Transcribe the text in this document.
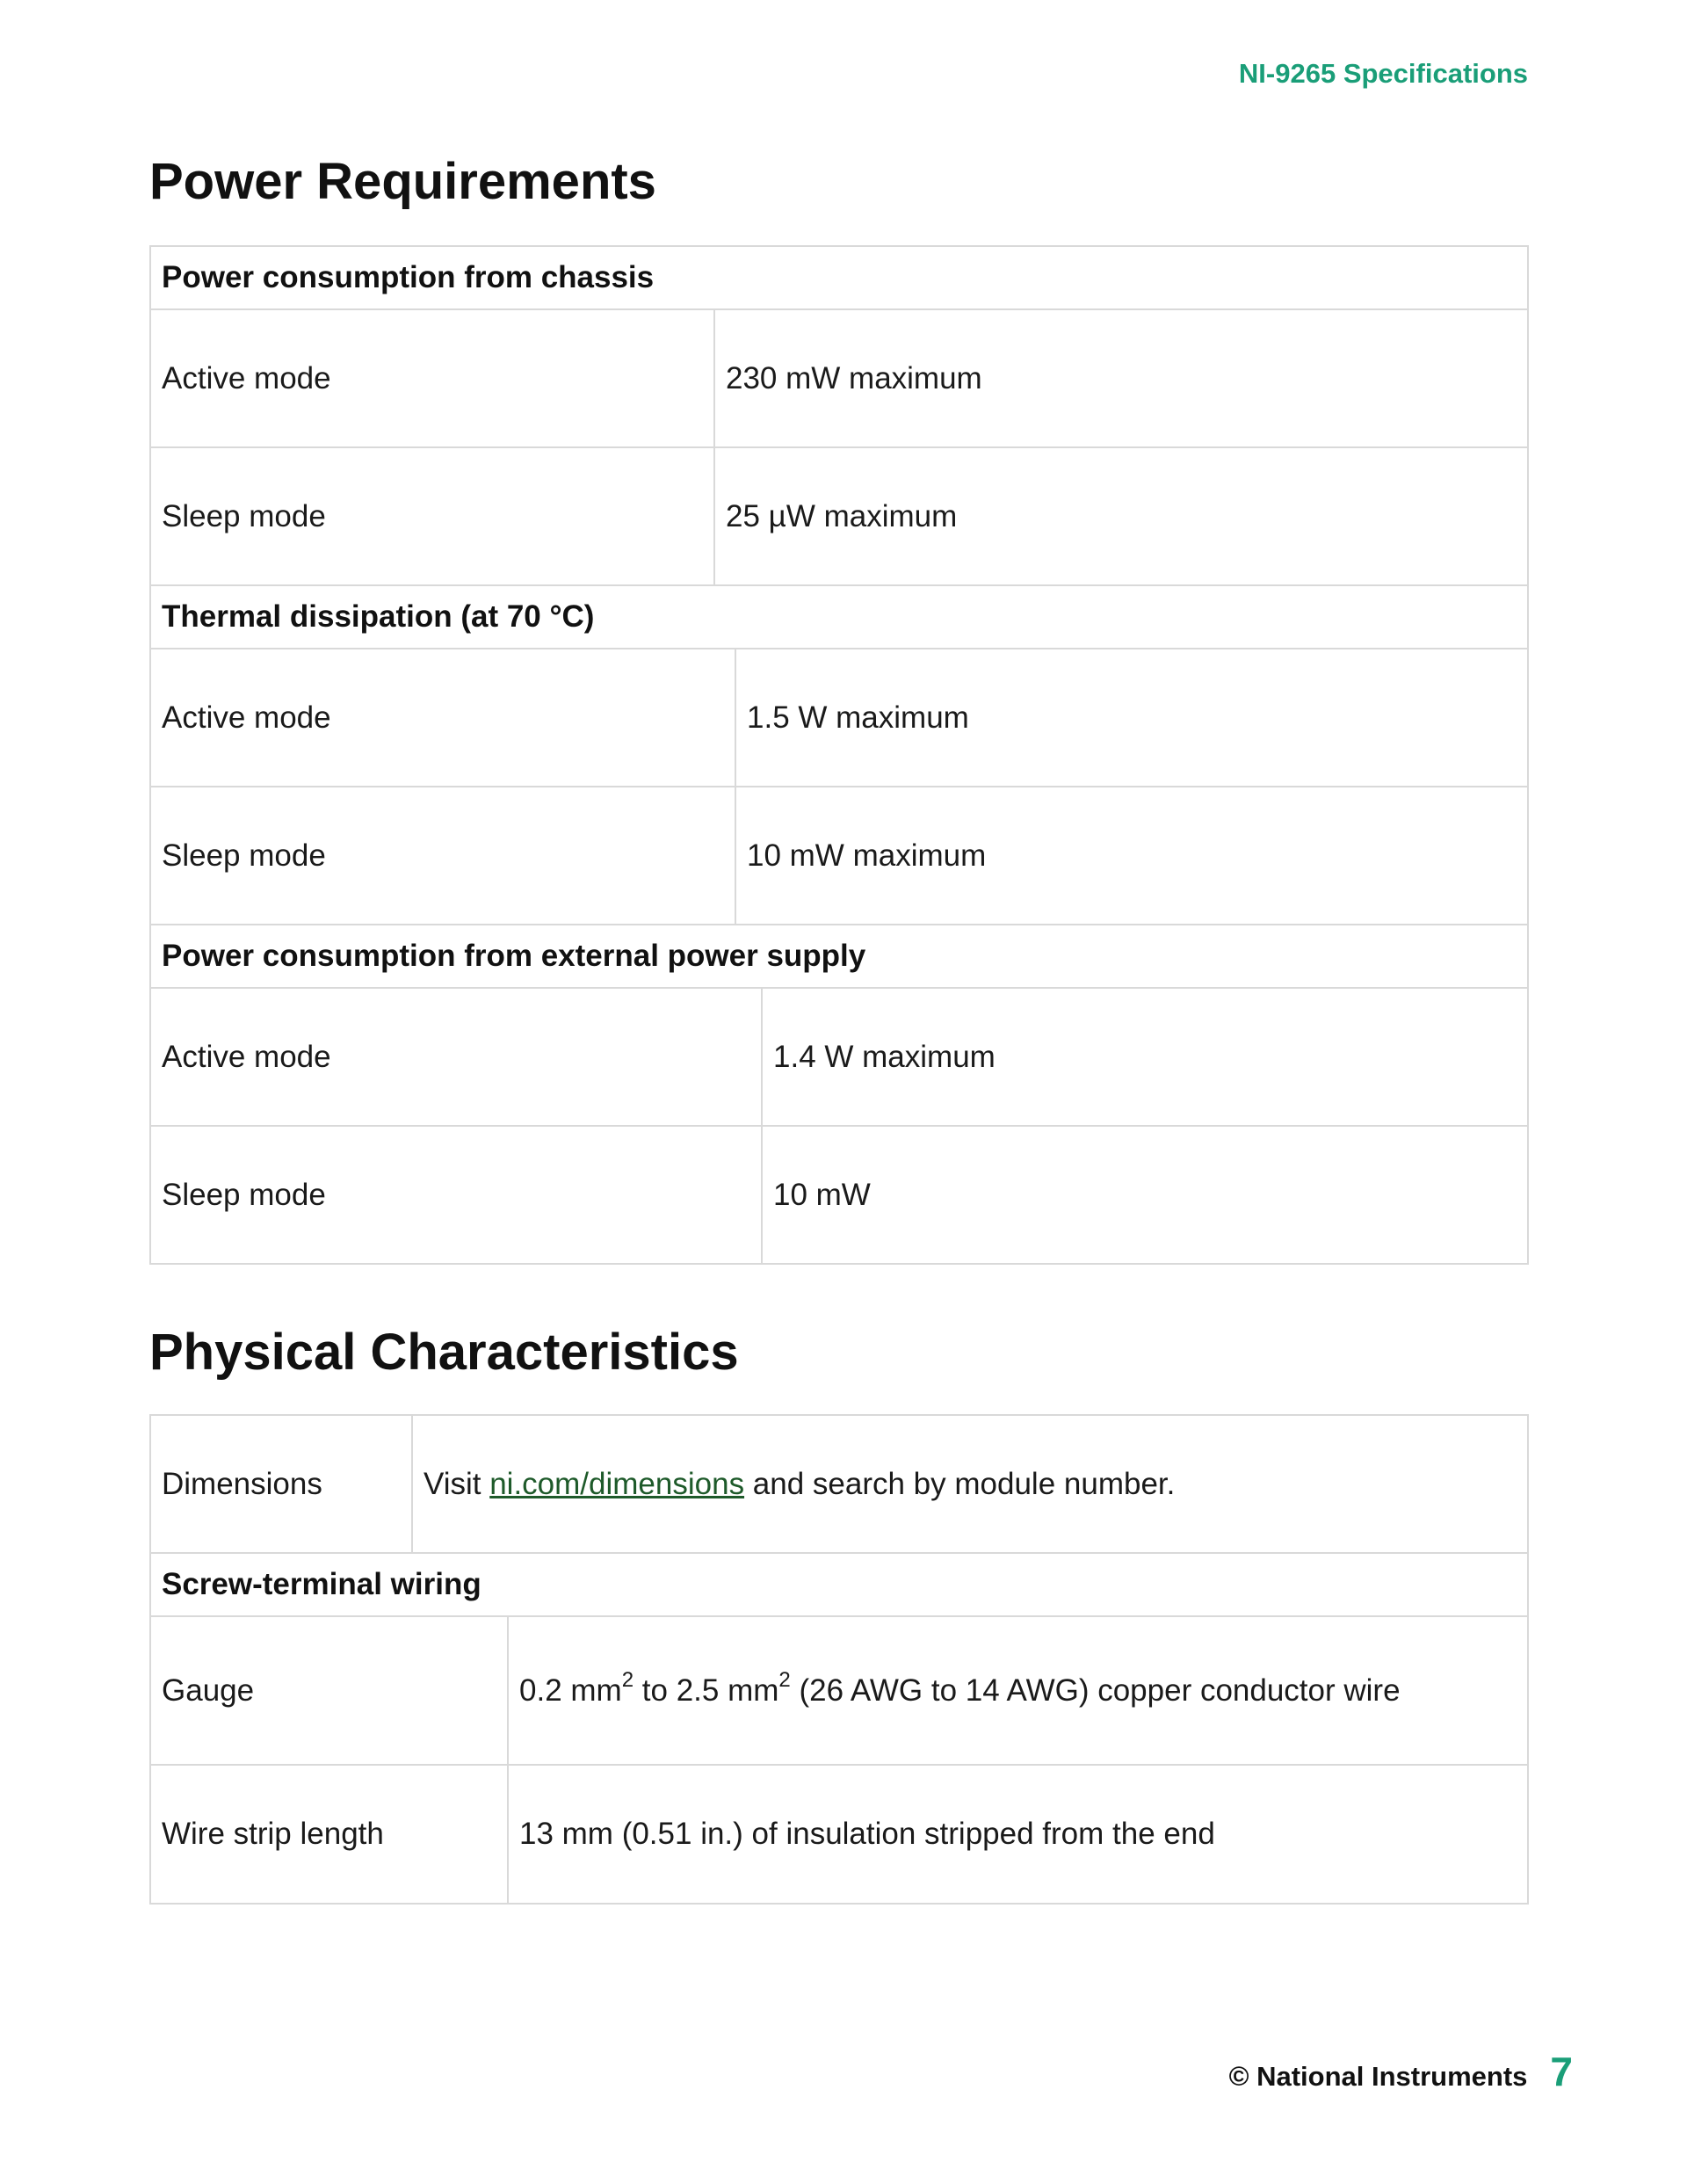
NI-9265 Specifications
Power Requirements
Power consumption from chassis
Active mode	230 mW maximum
Sleep mode	25 µW maximum
Thermal dissipation (at 70 °C)
Active mode	1.5 W maximum
Sleep mode	10 mW maximum
Power consumption from external power supply
Active mode	1.4 W maximum
Sleep mode	10 mW
Physical Characteristics
Dimensions	Visit ni.com/dimensions and search by module number.
Screw-terminal wiring
Gauge	0.2 $mm^2$ to 2.5 $mm^2$ (26 AWG to 14 AWG) copper conductor wire
Wire strip length	13 mm (0.51 in.) of insulation stripped from the end
© National Instruments 7
